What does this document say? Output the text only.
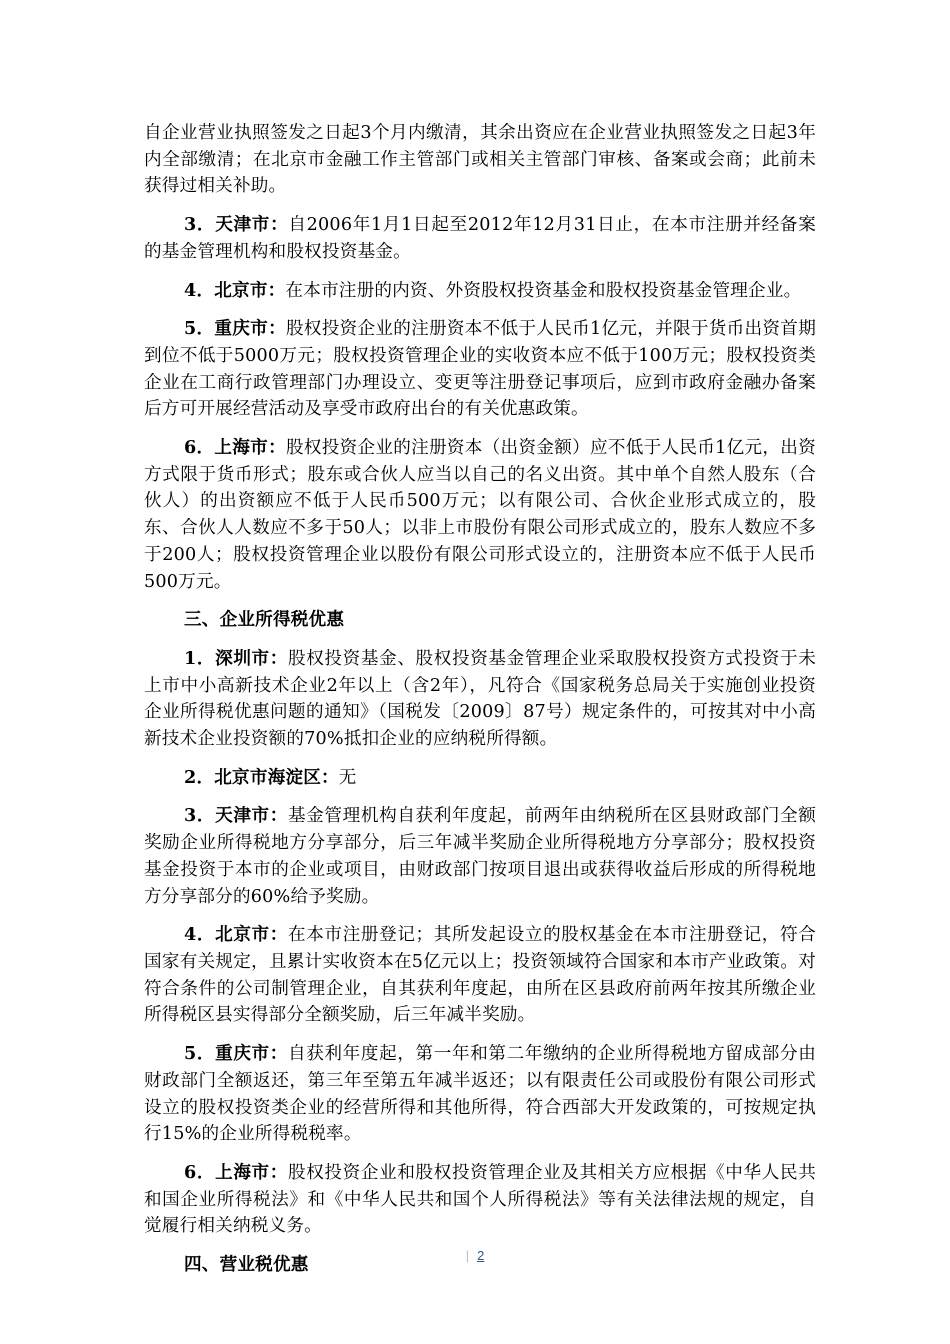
自企业营业执照签发之日起3个月内缴清，其余出资应在企业营业执照签发之日起3年内全部缴清；在北京市金融工作主管部门或相关主管部门审核、备案或会商；此前未获得过相关补助。

3．天津市：自2006年1月1日起至2012年12月31日止，在本市注册并经备案的基金管理机构和股权投资基金。

4．北京市：在本市注册的内资、外资股权投资基金和股权投资基金管理企业。

5．重庆市：股权投资企业的注册资本不低于人民币1亿元，并限于货币出资首期到位不低于5000万元；股权投资管理企业的实收资本应不低于100万元；股权投资类企业在工商行政管理部门办理设立、变更等注册登记事项后，应到市政府金融办备案后方可开展经营活动及享受市政府出台的有关优惠政策。

6．上海市：股权投资企业的注册资本（出资金额）应不低于人民币1亿元，出资方式限于货币形式；股东或合伙人应当以自己的名义出资。其中单个自然人股东（合伙人）的出资额应不低于人民币500万元；以有限公司、合伙企业形式成立的，股东、合伙人人数应不多于50人；以非上市股份有限公司形式成立的，股东人数应不多于200人；股权投资管理企业以股份有限公司形式设立的，注册资本应不低于人民币500万元。

三、企业所得税优惠

1．深圳市：股权投资基金、股权投资基金管理企业采取股权投资方式投资于未上市中小高新技术企业2年以上（含2年），凡符合《国家税务总局关于实施创业投资企业所得税优惠问题的通知》（国税发〔2009〕87号）规定条件的，可按其对中小高新技术企业投资额的70%抵扣企业的应纳税所得额。

2．北京市海淀区：无

3．天津市：基金管理机构自获利年度起，前两年由纳税所在区县财政部门全额奖励企业所得税地方分享部分，后三年减半奖励企业所得税地方分享部分；股权投资基金投资于本市的企业或项目，由财政部门按项目退出或获得收益后形成的所得税地方分享部分的60%给予奖励。

4．北京市：在本市注册登记；其所发起设立的股权基金在本市注册登记，符合国家有关规定，且累计实收资本在5亿元以上；投资领域符合国家和本市产业政策。对符合条件的公司制管理企业，自其获利年度起，由所在区县政府前两年按其所缴企业所得税区县实得部分全额奖励，后三年减半奖励。

5．重庆市：自获利年度起，第一年和第二年缴纳的企业所得税地方留成部分由财政部门全额返还，第三年至第五年减半返还；以有限责任公司或股份有限公司形式设立的股权投资类企业的经营所得和其他所得，符合西部大开发政策的，可按规定执行15%的企业所得税税率。

6．上海市：股权投资企业和股权投资管理企业及其相关方应根据《中华人民共和国企业所得税法》和《中华人民共和国个人所得税法》等有关法律法规的规定，自觉履行相关纳税义务。

四、营业税优惠	| 2
